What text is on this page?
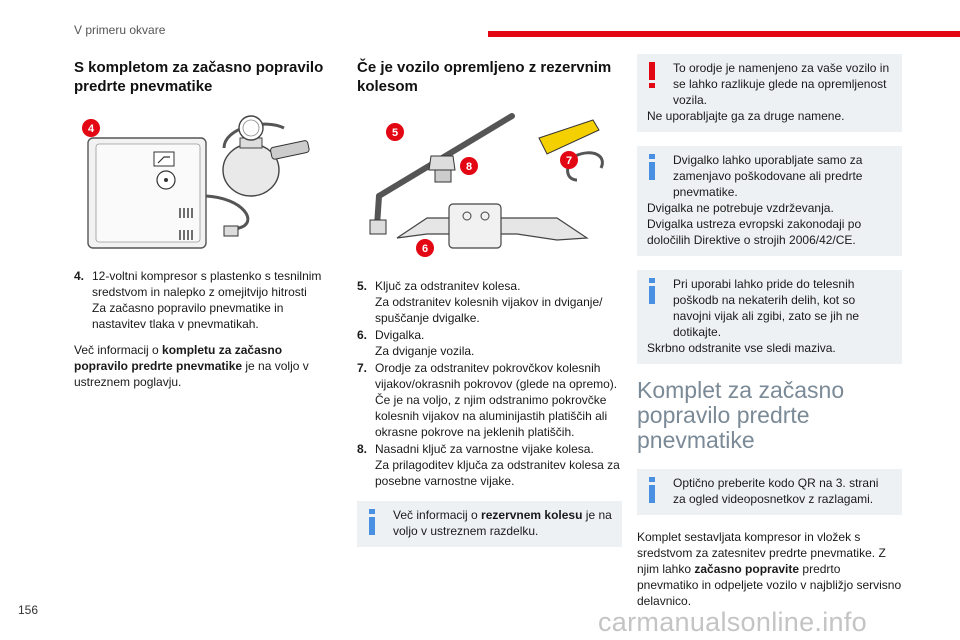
V primeru okvare
S kompletom za začasno popravilo predrte pnevmatike
4
4. 12-voltni kompresor s plastenko s tesnilnim sredstvom in nalepko z omejitvijo hitrosti
Za začasno popravilo pnevmatike in nastavitev tlaka v pnevmatikah.

Več informacij o kompletu za začasno popravilo predrte pnevmatike je na voljo v ustreznem poglavju.

Če je vozilo opremljeno z rezervnim kolesom
5
8	7
6
5. Ključ za odstranitev kolesa.
Za odstranitev kolesnih vijakov in dviganje/ spuščanje dvigalke.
6. Dvigalka.
Za dviganje vozila.
7. Orodje za odstranitev pokrovčkov kolesnih vijakov/okrasnih pokrovov (glede na opremo).
Če je na voljo, z njim odstranimo pokrovčke kolesnih vijakov na aluminijastih platiščih ali okrasne pokrove na jeklenih platiščih.
8. Nasadni ključ za varnostne vijake kolesa.
Za prilagoditev ključa za odstranitev kolesa za posebne varnostne vijake.
Več informacij o rezervnem kolesu je na voljo v ustreznem razdelku.
To orodje je namenjeno za vaše vozilo in se lahko razlikuje glede na opremljenost vozila.
Ne uporabljajte ga za druge namene.
Dvigalko lahko uporabljate samo za zamenjavo poškodovane ali predrte pnevmatike.
Dvigalka ne potrebuje vzdrževanja.
Dvigalka ustreza evropski zakonodaji po določilih Direktive o strojih 2006/42/CE.
Pri uporabi lahko pride do telesnih poškodb na nekaterih delih, kot so navojni vijak ali zgibi, zato se jih ne dotikajte.
Skrbno odstranite vse sledi maziva.
Komplet za začasno popravilo predrte pnevmatike
Optično preberite kodo QR na 3. strani za ogled videoposnetkov z razlagami.

Komplet sestavljata kompresor in vložek s sredstvom za zatesnitev predrte pnevmatike. Z njim lahko začasno popravite predrto pnevmatiko in odpeljete vozilo v najbližjo servisno delavnico.

156	carmanualsonline.info
